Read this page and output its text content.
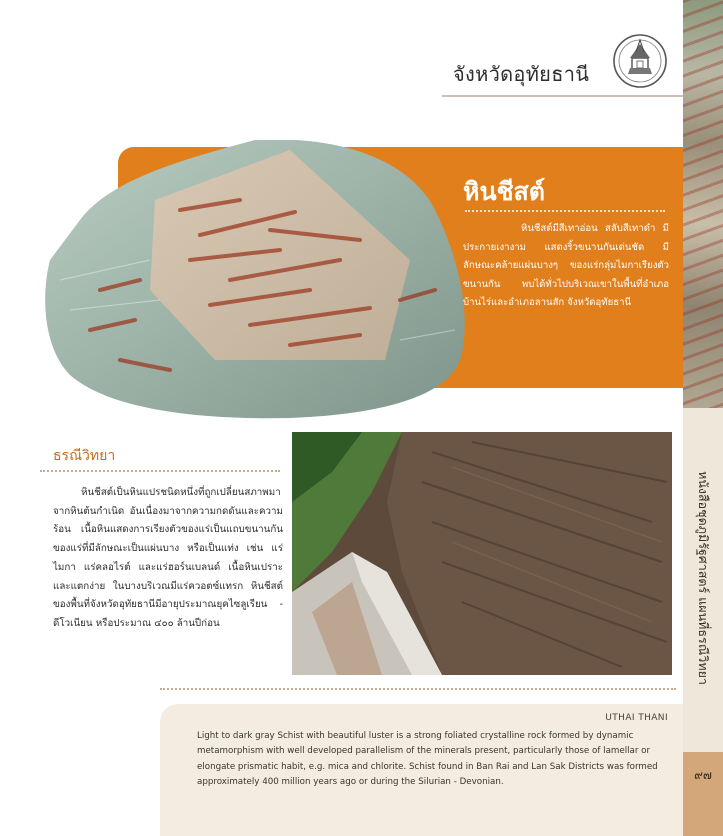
หนังสือชุดภูมิรัฐศาสตร์ แผนที่ธรณีวิทยา
๙๗
จังหวัดอุทัยธานี
หินชีสต์
หินชีสต์มีสีเทาอ่อน สลับสีเทาดำ มีประกายเงางาม แสดงริ้วขนานกันเด่นชัด มีลักษณะคล้ายแผ่นบางๆ ของแร่กลุ่มไมกาเรียงตัวขนานกัน พบได้ทั่วไปบริเวณเขาในพื้นที่อำเภอบ้านไร่และอำเภอลานสัก จังหวัดอุทัยธานี
ธรณีวิทยา
หินชีสต์เป็นหินแปรชนิดหนึ่งที่ถูกเปลี่ยนสภาพมาจากหินต้นกำเนิด อันเนื่องมาจากความกดดันและความร้อน เนื้อหินแสดงการเรียงตัวของแร่เป็นแถบขนานกันของแร่ที่มีลักษณะเป็นแผ่นบาง หรือเป็นแท่ง เช่น แร่ไมกา แร่คลอไรต์ และแร่ฮอร์นเบลนด์ เนื้อหินเปราะและแตกง่าย ในบางบริเวณมีแร่ควอตซ์แทรก หินชีสต์ของพื้นที่จังหวัดอุทัยธานีมีอายุประมาณยุคไซลูเรียน - ดีโวเนียน หรือประมาณ ๔๐๐ ล้านปีก่อน
UTHAI THANI
Light to dark gray Schist with beautiful luster is a strong foliated crystalline rock formed by dynamic metamorphism with well developed parallelism of the minerals present, particularly those of lamellar or elongate prismatic habit, e.g. mica and chlorite. Schist found in Ban Rai and Lan Sak Districts was formed approximately 400 million years ago or during the Silurian - Devonian.
